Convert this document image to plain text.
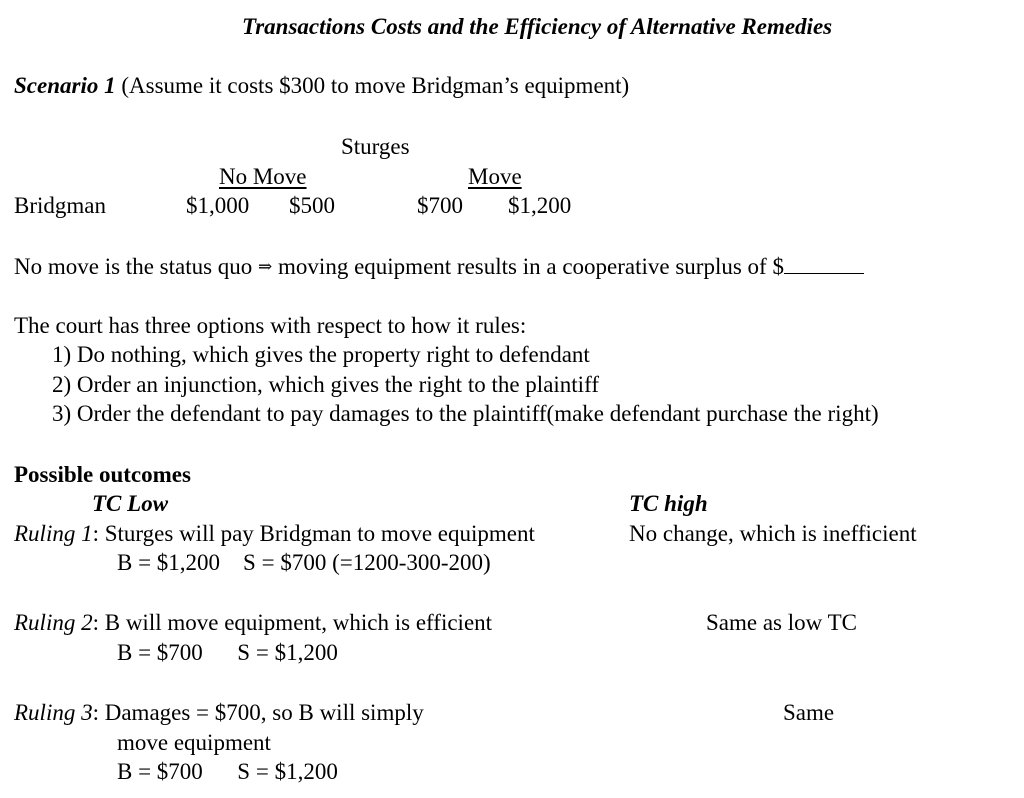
Transactions Costs and the Efficiency of Alternative Remedies
Scenario 1 (Assume it costs $300 to move Bridgman’s equipment)
Sturges
No Move	Move
Bridgman	$1,000 $500	$700 $1,200
No move is the status quo ⇒ moving equipment results in a cooperative surplus of $
The court has three options with respect to how it rules:
1) Do nothing, which gives the property right to defendant
2) Order an injunction, which gives the right to the plaintiff
3) Order the defendant to pay damages to the plaintiff(make defendant purchase the right)
Possible outcomes
TC Low	TC high
Ruling 1: Sturges will pay Bridgman to move equipment	No change, which is inefficient
B = $1,200    S = $700 (=1200-300-200)
Ruling 2: B will move equipment, which is efficient	Same as low TC
B = $700      S = $1,200
Ruling 3: Damages = $700, so B will simply	Same
move equipment
B = $700      S = $1,200
